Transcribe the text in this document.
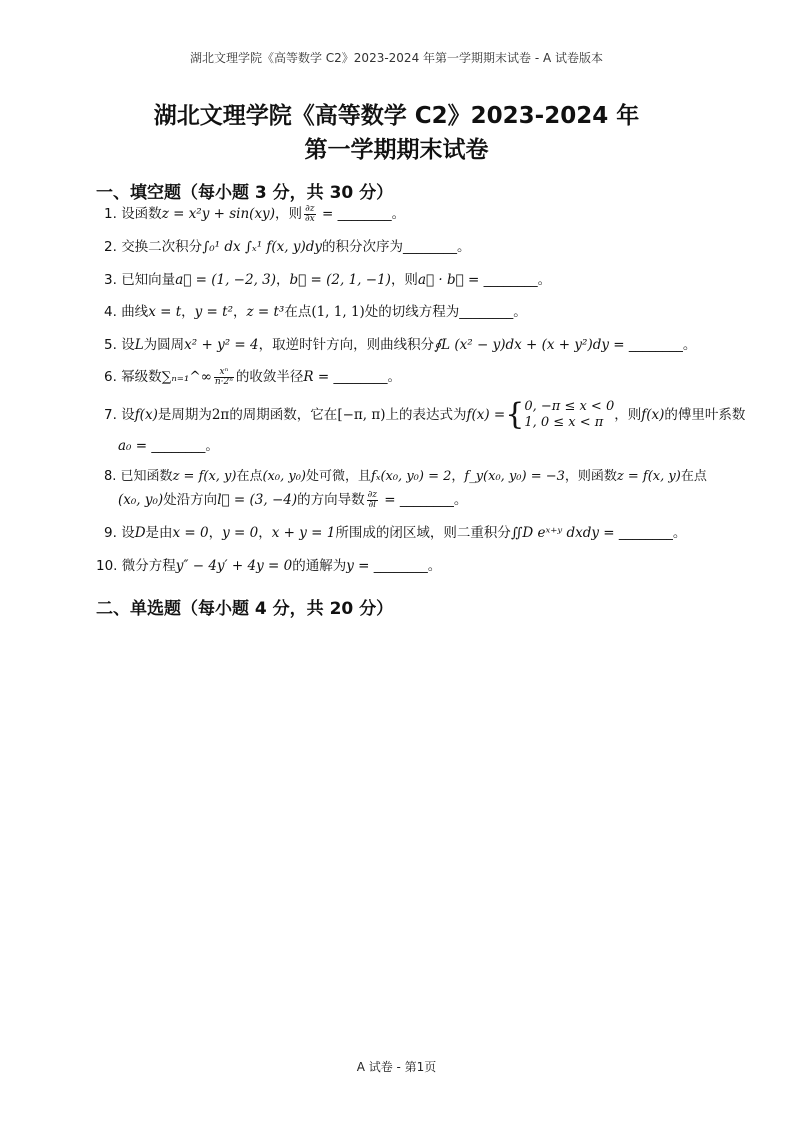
湖北文理学院《高等数学 C2》2023-2024 年第一学期期末试卷 - A 试卷版本
湖北文理学院《高等数学 C2》2023-2024 年
第一学期期末试卷
一、填空题（每小题 3 分，共 30 分）
1. 设函数z = x²y + sin(xy)，则 $\frac{\partial z}{\partial x}$ = ________。
2. 交换二次积分∫₀¹ dx ∫ₓ¹ f(x, y)dy的积分次序为________。
3. 已知向量a⃗ = (1, −2, 3)，b⃗ = (2, 1, −1)，则a⃗ · b⃗ = ________。
4. 曲线x = t，y = t²，z = t³在点(1, 1, 1)处的切线方程为________。
5. 设L为圆周x² + y² = 4，取逆时针方向，则曲线积分∮L (x² − y)dx + (x + y²)dy = ________。
6. 幂级数∑ₙ₌₁^∞ $\frac{\text{xⁿ}}{\text{n·2ⁿ}}$ 的收敛半径R = ________。
7. 设f(x)是周期为2π的周期函数，它在[−π, π)上的表达式为f(x) ={ 0, −π ≤ x < 0
1, 0 ≤ x < π ，则f(x)的傅里叶系数
a₀ = ________。
8. 已知函数z = f(x, y)在点(x₀, y₀)处可微，且fₓ(x₀, y₀) = 2，f_y(x₀, y₀) = −3，则函数z = f(x, y)在点
(x₀, y₀)处沿方向l⃗ = (3, −4)的方向导数 $\frac{\partial z}{\partial l}$ = ________。
9. 设D是由x = 0，y = 0，x + y = 1所围成的闭区域，则二重积分∬D eˣ⁺ʸ dxdy = ________。
10. 微分方程y″ − 4y′ + 4y = 0的通解为y = ________。
二、单选题（每小题 4 分，共 20 分）
A 试卷 - 第1页
